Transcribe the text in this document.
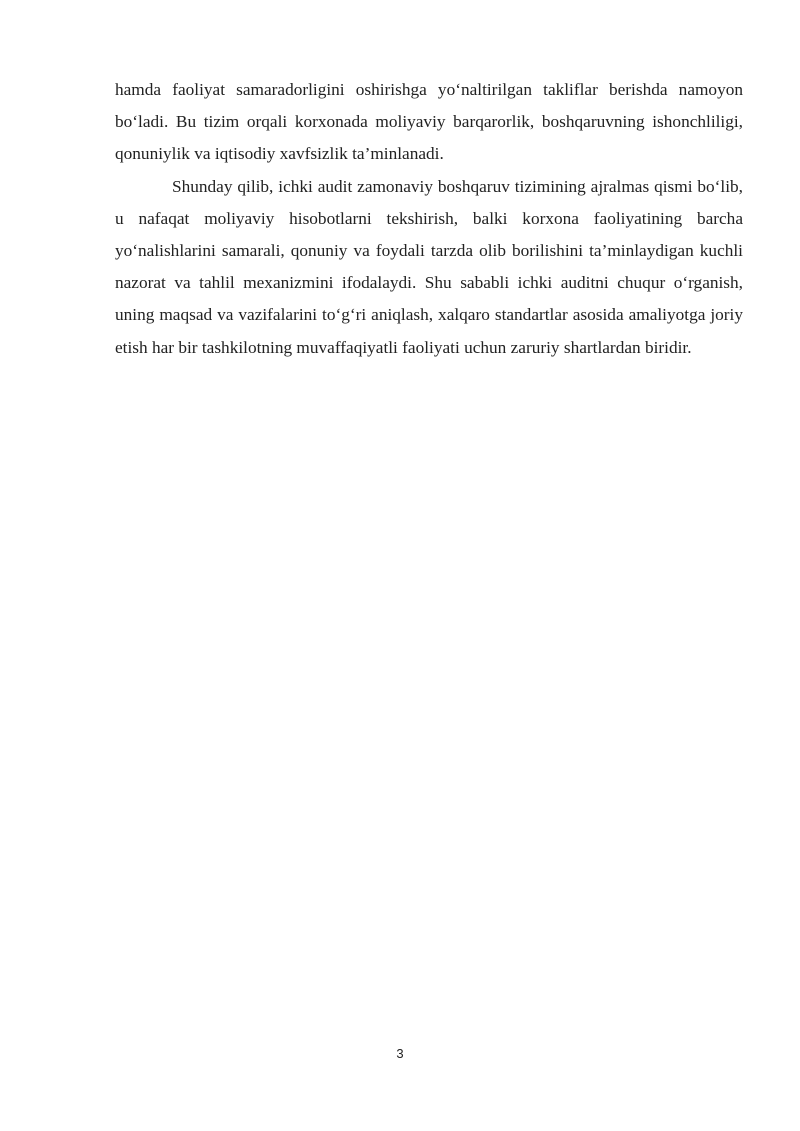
hamda faoliyat samaradorligini oshirishga yo‘naltirilgan takliflar berishda namoyon bo‘ladi. Bu tizim orqali korxonada moliyaviy barqarorlik, boshqaruvning ishonchliligi, qonuniylik va iqtisodiy xavfsizlik ta’minlanadi.

Shunday qilib, ichki audit zamonaviy boshqaruv tizimining ajralmas qismi bo‘lib, u nafaqat moliyaviy hisobotlarni tekshirish, balki korxona faoliyatining barcha yo‘nalishlarini samarali, qonuniy va foydali tarzda olib borilishini ta’minlaydigan kuchli nazorat va tahlil mexanizmini ifodalaydi. Shu sababli ichki auditni chuqur o‘rganish, uning maqsad va vazifalarini to‘g‘ri aniqlash, xalqaro standartlar asosida amaliyotga joriy etish har bir tashkilotning muvaffaqiyatli faoliyati uchun zaruriy shartlardan biridir.

3
